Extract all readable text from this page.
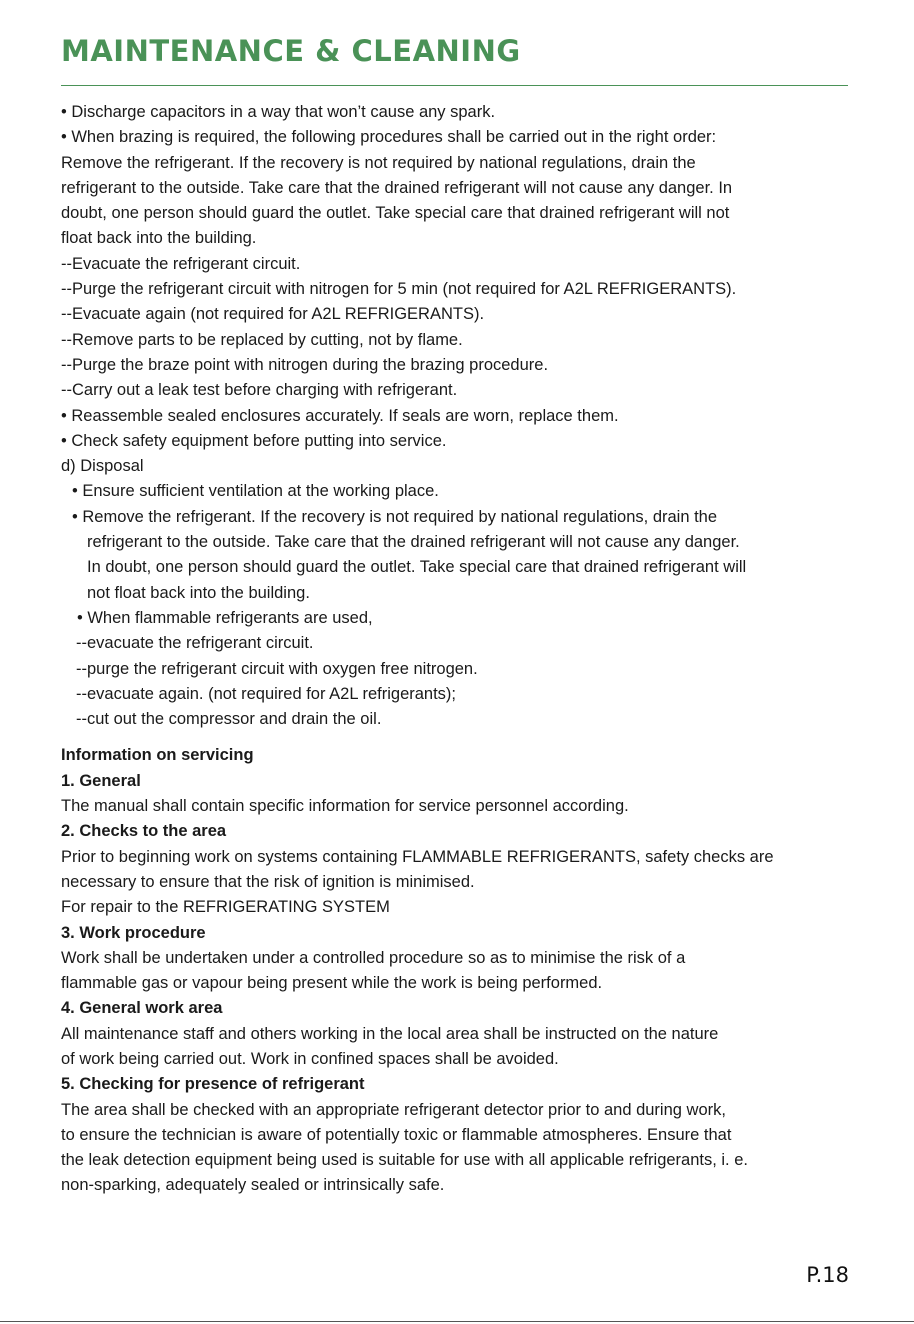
MAINTENANCE & CLEANING

• Discharge capacitors in a way that won’t cause any spark.

• When brazing is required, the following procedures shall be carried out in the right order:

Remove the refrigerant. If the recovery is not required by national regulations, drain the

refrigerant to the outside. Take care that the drained refrigerant will not cause any danger. In

doubt, one person should guard the outlet. Take special care that drained refrigerant will not

float back into the building.

--Evacuate the refrigerant circuit.

--Purge the refrigerant circuit with nitrogen for 5 min (not required for A2L REFRIGERANTS).

--Evacuate again (not required for A2L REFRIGERANTS).

--Remove parts to be replaced by cutting, not by flame.

--Purge the braze point with nitrogen during the brazing procedure.

--Carry out a leak test before charging with refrigerant.

• Reassemble sealed enclosures accurately. If seals are worn, replace them.

• Check safety equipment before putting into service.

d) Disposal

• Ensure sufficient ventilation at the working place.

• Remove the refrigerant. If the recovery is not required by national regulations, drain the

refrigerant to the outside. Take care that the drained refrigerant will not cause any danger.

In doubt, one person should guard the outlet. Take special care that drained refrigerant will

not float back into the building.

• When flammable refrigerants are used,

--evacuate the refrigerant circuit.

--purge the refrigerant circuit with oxygen free nitrogen.

--evacuate again. (not required for A2L refrigerants);

--cut out the compressor and drain the oil.

Information on servicing

1. General

The manual shall contain specific information for service personnel according.

2. Checks to the area

Prior to beginning work on systems containing FLAMMABLE REFRIGERANTS, safety checks are

necessary to ensure that the risk of ignition is minimised.

For repair to the REFRIGERATING SYSTEM

3. Work procedure

Work shall be undertaken under a controlled procedure so as to minimise the risk of a

flammable gas or vapour being present while the work is being performed.

4. General work area

All maintenance staff and others working in the local area shall be instructed on the nature

of work being carried out. Work in confined spaces shall be avoided.

5. Checking for presence of refrigerant

The area shall be checked with an appropriate refrigerant detector prior to and during work,

to ensure the technician is aware of potentially toxic or flammable atmospheres. Ensure that

the leak detection equipment being used is suitable for use with all applicable refrigerants, i. e.

non-sparking, adequately sealed or intrinsically safe.

P.18
